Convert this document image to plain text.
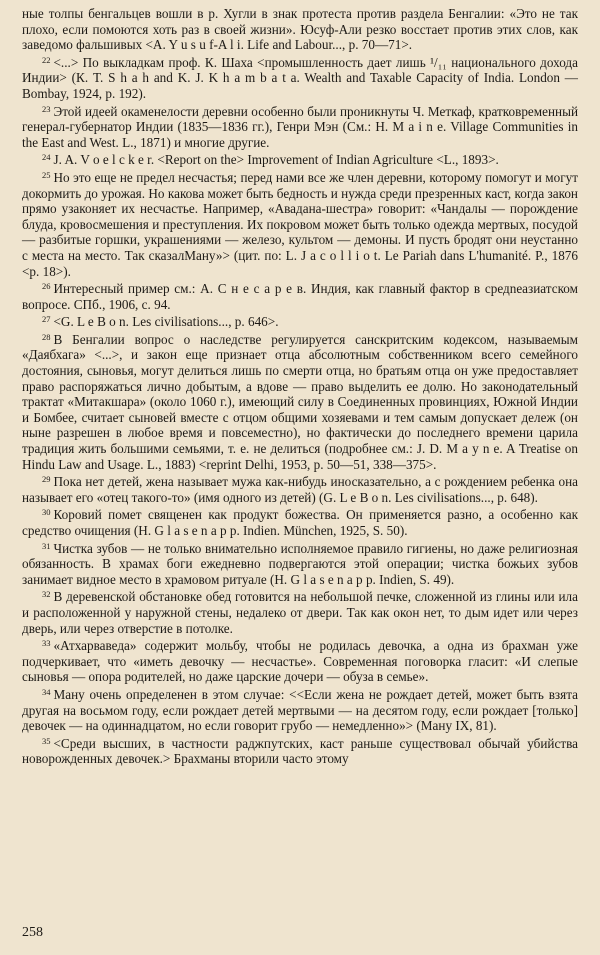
ные толпы бенгальцев вошли в р. Хугли в знак протеста против раздела Бенгалии: «Это не так плохо, если помоются хоть раз в своей жизни». Юсуф-Али резко восстает против этих слов, как заведомо фальшивых <A. Y u s u f-A l i. Life and Labour..., p. 70—71>.

$^{22}$ <...> По выкладкам проф. К. Шаха <промышленность дает лишь ¹/₁₁ национального дохода Индии> (К. T. S h a h and K. J. K h a m b a t a. Wealth and Taxable Capacity of India. London — Bombay, 1924, p. 192).

$^{23}$ Этой идеей окаменелости деревни особенно были проникнуты Ч. Меткаф, кратковременный генерал-губернатор Индии (1835—1836 гг.), Генри Мэн (См.: H. M a i n e. Village Communities in the East and West. L., 1871) и многие другие.

$^{24}$ J. A. V o e l c k e r. <Report on the> Improvement of Indian Agriculture <L., 1893>.

$^{25}$ Но это еще не предел несчастья; перед нами все же член деревни, которому помогут и могут докормить до урожая. Но какова может быть бедность и нужда среди презренных каст, когда закон прямо узаконяет их несчастье. Например, «Авадана-шестра» говорит: «Чандалы — порождение блуда, кровосмешения и преступления. Их покровом может быть только одежда мертвых, посудой — разбитые горшки, украшениями — железо, культом — демоны. И пусть бродят они неустанно с места на место. Так сказалМану»> (цит. по: L. J a c o l l i o t. Le Pariah dans L'humanité. P., 1876 <p. 18>).

$^{26}$ Интересный пример см.: А. С н е с а р е в. Индия, как главный фактор в средneазиатском вопросе. СПб., 1906, с. 94.

$^{27}$ <G. L e B o n. Les civilisations..., p. 646>.

$^{28}$ В Бенгалии вопрос о наследстве регулируется санскритским кодексом, называемым «Даябхага» <...>, и закон еще признает отца абсолютным собственником всего семейного достояния, сыновья, могут делиться лишь по смерти отца, но братьям отца он уже предоставляет право распоряжаться лично добытым, а вдове — право выделить ее долю. Но законодательный трактат «Митакшара» (около 1060 г.), имеющий силу в Соединенных провинциях, Южной Индии и Бомбее, считает сыновей вместе с отцом общими хозяевами и тем самым допускает дележ (он ныне разрешен в любое время и повсеместно), но фактически до последнего времени царила традиция жить большими семьями, т. е. не делиться (подробнее см.: J. D. M a y n e. A Treatise on Hindu Law and Usage. L., 1883) <reprint Delhi, 1953, p. 50—51, 338—375>.

$^{29}$ Пока нет детей, жена называет мужа как-нибудь иносказательно, а с рождением ребенка она называет его «отец такого-то» (имя одного из детей) (G. L e B o n. Les civilisations..., p. 648).

$^{30}$ Коровий помет священен как продукт божества. Он применяется разно, а особенно как средство очищения (H. G l a s e n a p p. Indien. München, 1925, S. 50).

$^{31}$ Чистка зубов — не только внимательно исполняемое правило гигиены, но даже религиозная обязанность. В храмах боги ежедневно подвергаются этой операции; чистка божьих зубов занимает видное место в храмовом ритуале (H. G l a s e n a p p. Indien, S. 49).

$^{32}$ В деревенской обстановке обед готовится на небольшой печке, сложенной из глины или ила и расположенной у наружной стены, недалеко от двери. Так как окон нет, то дым идет или через дверь, или через отверстие в потолке.

$^{33}$ «Атхарваведа» содержит мольбу, чтобы не родилась девочка, а одна из брахман уже подчеркивает, что «иметь девочку — несчастье». Современная поговорка гласит: «И слепые сыновья — опора родителей, но даже царские дочери — обуза в семье».

$^{34}$ Ману очень определенен в этом случае: <<Если жена не рождает детей, может быть взята другая на восьмом году, если рождает детей мертвыми — на десятом году, если рождает [только] девочек — на одиннадцатом, но если говорит грубо — немедленно»> (Ману IX, 81).

$^{35}$ <Среди высших, в частности раджпутских, каст раньше существовал обычай убийства новорожденных девочек.> Брахманы вторили часто этому

258
